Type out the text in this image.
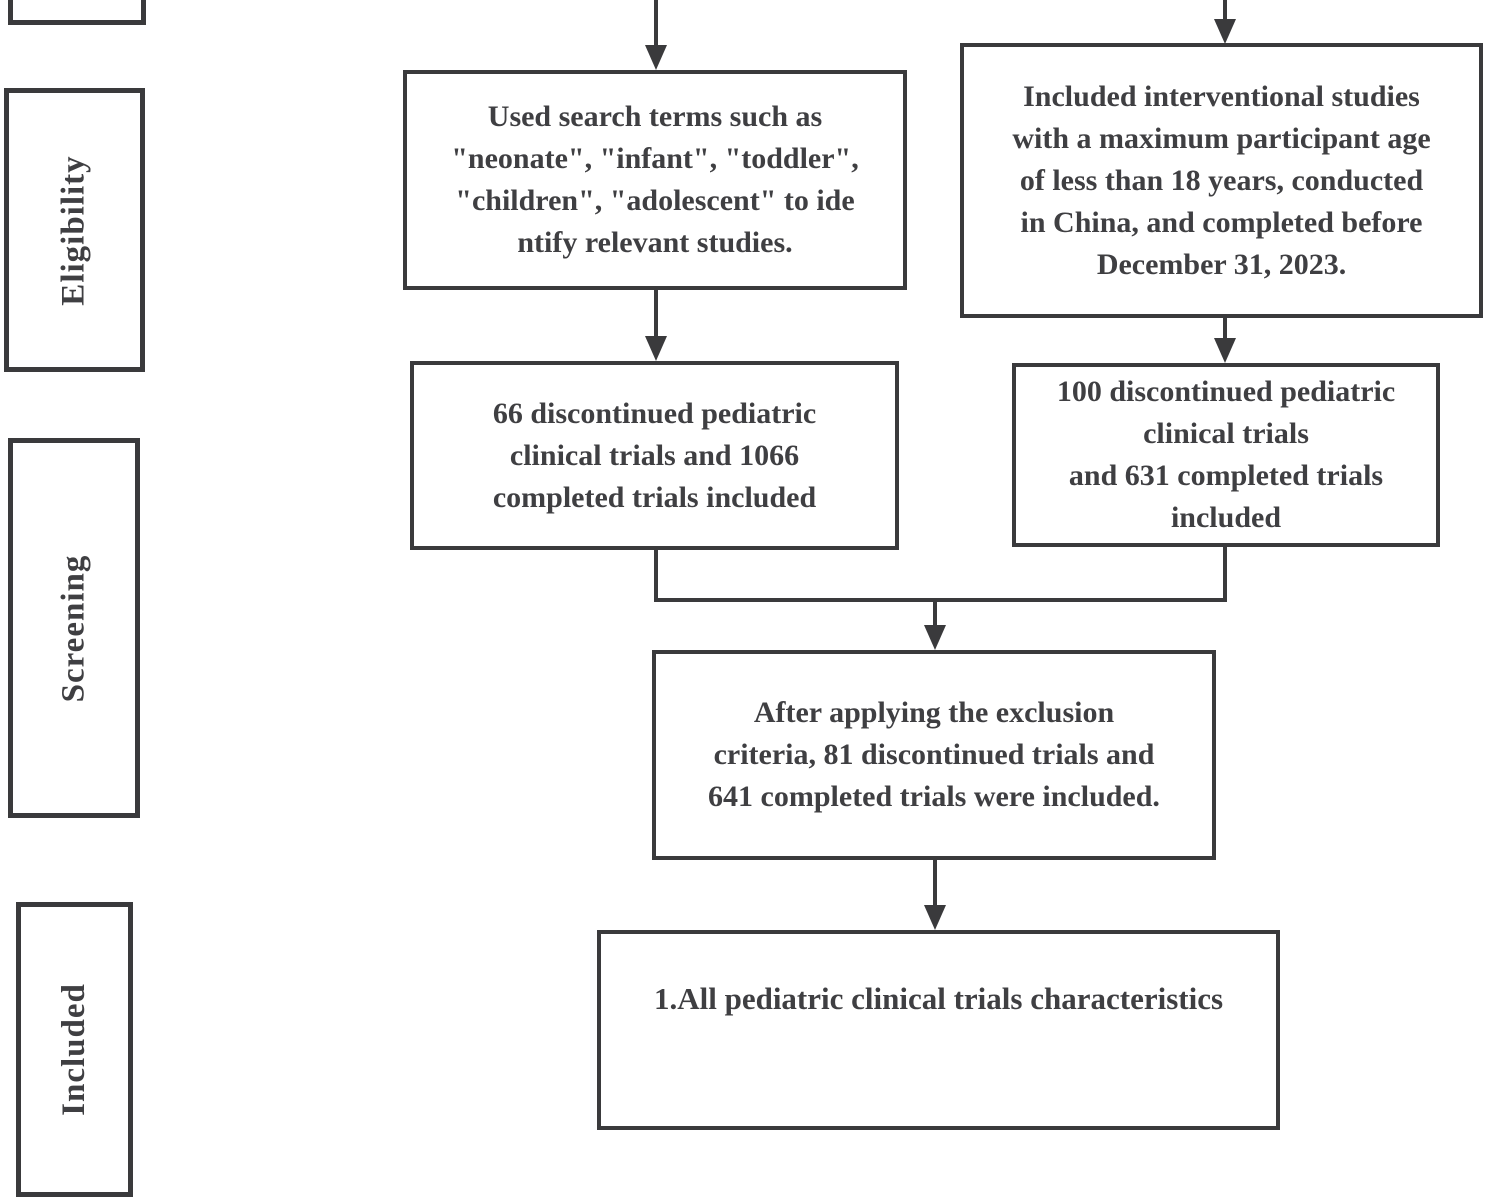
Eligibility
Screening
Included
Used search terms such as
"neonate", "infant", "toddler",
"children", "adolescent" to ide
ntify relevant studies.
Included interventional studies
with a maximum participant age
of less than 18 years, conducted
in China, and completed before
December 31, 2023.
66 discontinued pediatric
clinical trials and 1066
completed trials included
100 discontinued pediatric
clinical trials
and 631 completed trials
included
After applying the exclusion
criteria, 81 discontinued trials and
641 completed trials were included.
1.All pediatric clinical trials characteristics
